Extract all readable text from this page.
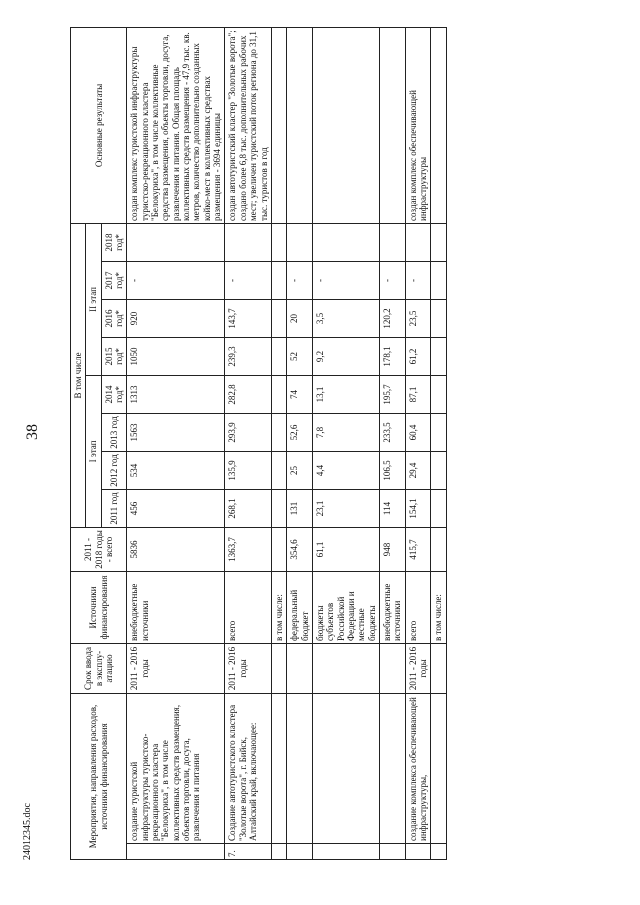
38
24012345.doc	Мероприятия, направления расходов, источники финансирования		Срок ввода в эксплу- атацию	Источники финансирования	2011 - 2018 годы - всего	В том числе								Основные результаты
					I этап				II этап				
					2011 год	2012 год	2013 год	2014 год*	2015 год*	2016 год*	2017 год*	2018 год*	
	создание туристской инфраструктуры туристско-рекреационного кластера "Белокуриха", в том числе коллективных средств размещения, объектов торговли, досуга, развлечения и питания	2011 - 2016 годы	внебюджетные источники	5836	456	534	1563	1313	1050	920	-		создан комплекс туристской инфраструктуры туристско-рекреационного кластера "Белокуриха", в том числе коллективные средства размещения, объекты торговли, досуга, развлечения и питания. Общая площадь коллективных средств размещения - 47,9 тыс. кв. метров, количество дополнительно созданных койко-мест в коллективных средствах размещения - 3694 единицы
7.	Создание автотуристского кластера "Золотые ворота", г. Бийск, Алтайский край, включающее:	2011 - 2016 годы	всего	1363,7	268,1	135,9	293,9	282,8	239,3	143,7	-		создан автотуристский кластер "Золотые ворота"; создано более 6,8 тыс. дополнительных рабочих мест; увеличен туристский поток региона до 31,1 тыс. туристов в год
			в том числе:										
			федеральный бюджет	354,6	131	25	52,6	74	52	20	-		
			бюджеты субъектов Российской Федерации и местные бюджеты	61,1	23,1	4,4	7,8	13,1	9,2	3,5	-		
			внебюджетные источники	948	114	106,5	233,5	195,7	178,1	120,2	-		
	создание комплекса обеспечивающей инфраструктуры,	2011 - 2016 годы	всего	415,7	154,1	29,4	60,4	87,1	61,2	23,5	-		создан комплекс обеспечивающей инфраструктуры
			в том числе:										
